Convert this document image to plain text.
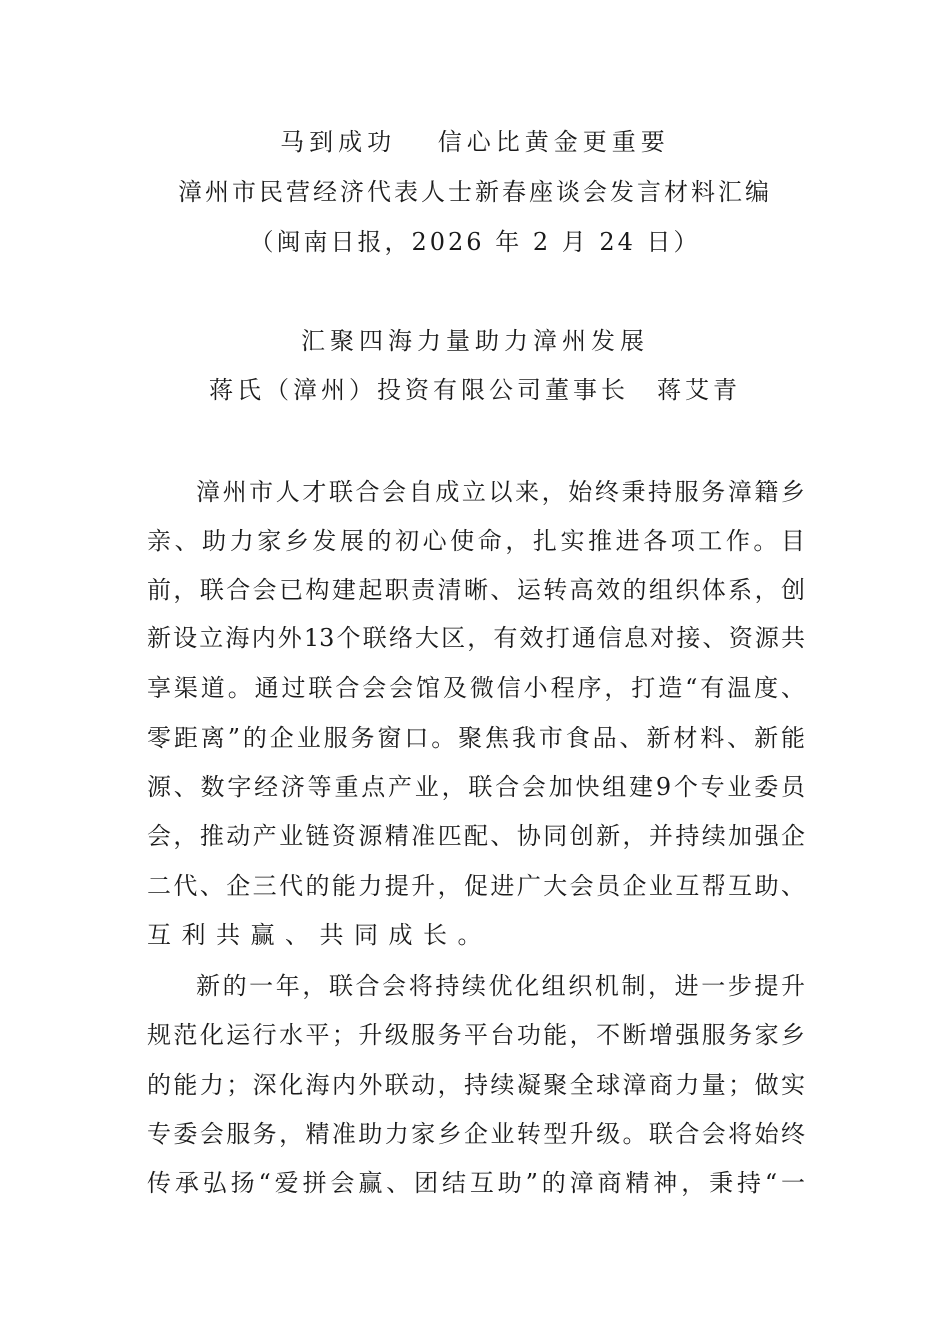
马到成功　 信心比黄金更重要
漳州市民营经济代表人士新春座谈会发言材料汇编
（闽南日报，2026 年 2 月 24 日）
汇聚四海力量助力漳州发展
蒋氏（漳州）投资有限公司董事长　蒋艾青
漳州市人才联合会自成立以来，始终秉持服务漳籍乡
亲、助力家乡发展的初心使命，扎实推进各项工作。目
前，联合会已构建起职责清晰、运转高效的组织体系，创
新设立海内外13个联络大区，有效打通信息对接、资源共
享渠道。通过联合会会馆及微信小程序，打造“有温度、
零距离”的企业服务窗口。聚焦我市食品、新材料、新能
源、数字经济等重点产业，联合会加快组建9个专业委员
会，推动产业链资源精准匹配、协同创新，并持续加强企
二代、企三代的能力提升，促进广大会员企业互帮互助、
互利共赢、共同成长。
新的一年，联合会将持续优化组织机制，进一步提升
规范化运行水平；升级服务平台功能，不断增强服务家乡
的能力；深化海内外联动，持续凝聚全球漳商力量；做实
专委会服务，精准助力家乡企业转型升级。联合会将始终
传承弘扬“爱拼会赢、团结互助”的漳商精神，秉持“一
